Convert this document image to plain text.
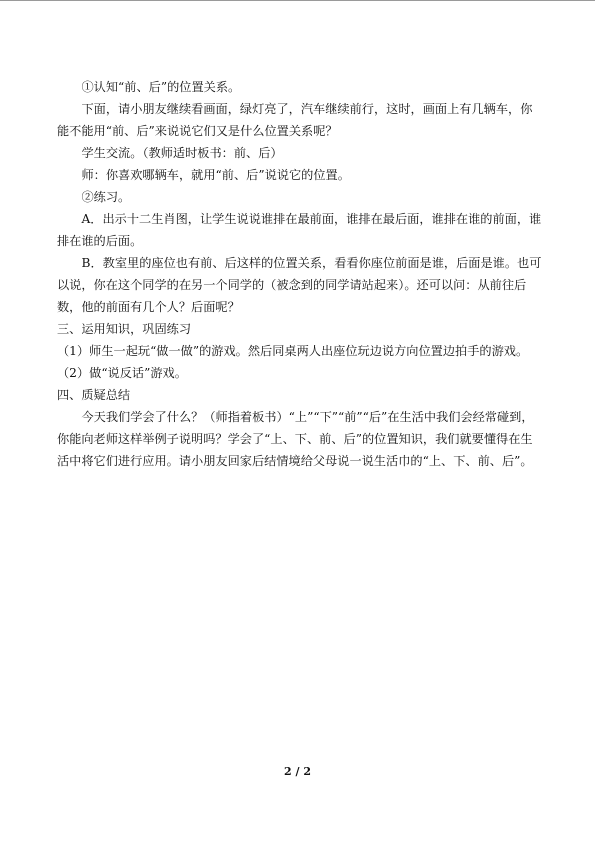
①认知“前、后”的位置关系。

下面，请小朋友继续看画面，绿灯亮了，汽车继续前行，这时，画面上有几辆车，你能不能用“前、后”来说说它们又是什么位置关系呢？

学生交流。（教师适时板书：前、后）

师：你喜欢哪辆车，就用“前、后”说说它的位置。

②练习。

A．出示十二生肖图，让学生说说谁排在最前面，谁排在最后面，谁排在谁的前面，谁排在谁的后面。

B．教室里的座位也有前、后这样的位置关系，看看你座位前面是谁，后面是谁。也可以说，你在这个同学的在另一个同学的（被念到的同学请站起来）。还可以问：从前往后数，他的前面有几个人？后面呢？

三、运用知识，巩固练习

（1）师生一起玩“做一做”的游戏。然后同桌两人出座位玩边说方向位置边拍手的游戏。

（2）做“说反话”游戏。

四、质疑总结

今天我们学会了什么？（师指着板书）“上”“下”“前”“后”在生活中我们会经常碰到，你能向老师这样举例子说明吗？学会了“上、下、前、后”的位置知识，我们就要懂得在生活中将它们进行应用。请小朋友回家后结情境给父母说一说生活巾的“上、下、前、后”。

2 / 2
